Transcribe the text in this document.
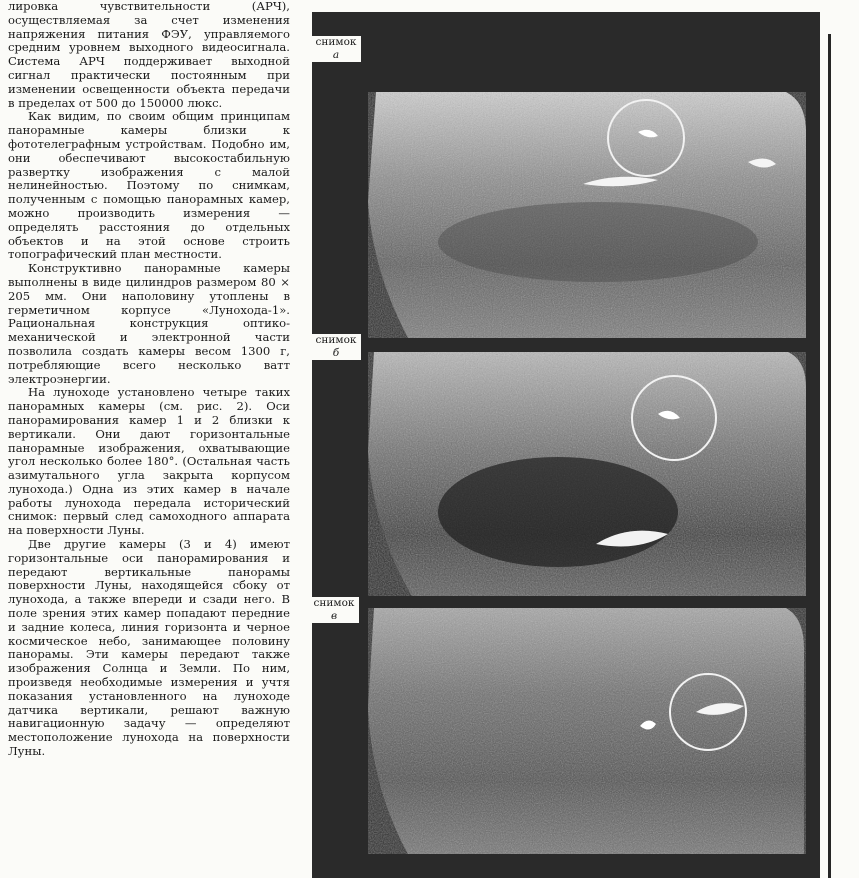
лировка чувствительности (АРЧ), осуществляемая за счет изменения напряжения питания ФЭУ, управляемого средним уровнем выходного видеосигнала. Система АРЧ поддерживает выходной сигнал практически постоянным при изменении освещенности объекта передачи в пределах от 500 до 150000 люкс.

Как видим, по своим общим принципам панорамные камеры близки к фототелеграфным устройствам. Подобно им, они обеспечивают высокостабильную развертку изображения с малой нелинейностью. Поэтому по снимкам, полученным с помощью панорамных камер, можно производить измерения — определять расстояния до отдельных объектов и на этой основе строить топографический план местности.

Конструктивно панорамные камеры выполнены в виде цилиндров размером 80 × 205 мм. Они наполовину утоплены в герметичном корпусе «Лунохода-1». Рациональная конструкция оптико-механической и электронной части позволила создать камеры весом 1300 г, потребляющие всего несколько ватт электроэнергии.

На луноходе установлено четыре таких панорамных камеры (см. рис. 2). Оси панорамирования камер 1 и 2 близки к вертикали. Они дают горизонтальные панорамные изображения, охватывающие угол несколько более 180°. (Остальная часть азимутального угла закрыта корпусом лунохода.) Одна из этих камер в начале работы лунохода передала исторический снимок: первый след самоходного аппарата на поверхности Луны.

Две другие камеры (3 и 4) имеют горизонтальные оси панорамирования и передают вертикальные панорамы поверхности Луны, находящейся сбоку от лунохода, а также впереди и сзади него. В поле зрения этих камер попадают передние и задние колеса, линия горизонта и черное космическое небо, занимающее половину панорамы. Эти камеры передают также изображения Солнца и Земли. По ним, произведя необходимые измерения и учтя показания установленного на луноходе датчика вертикали, решают важную навигационную задачу — определяют местоположение лунохода на поверхности Луны.

снимок
а
снимок
б
снимок
в
